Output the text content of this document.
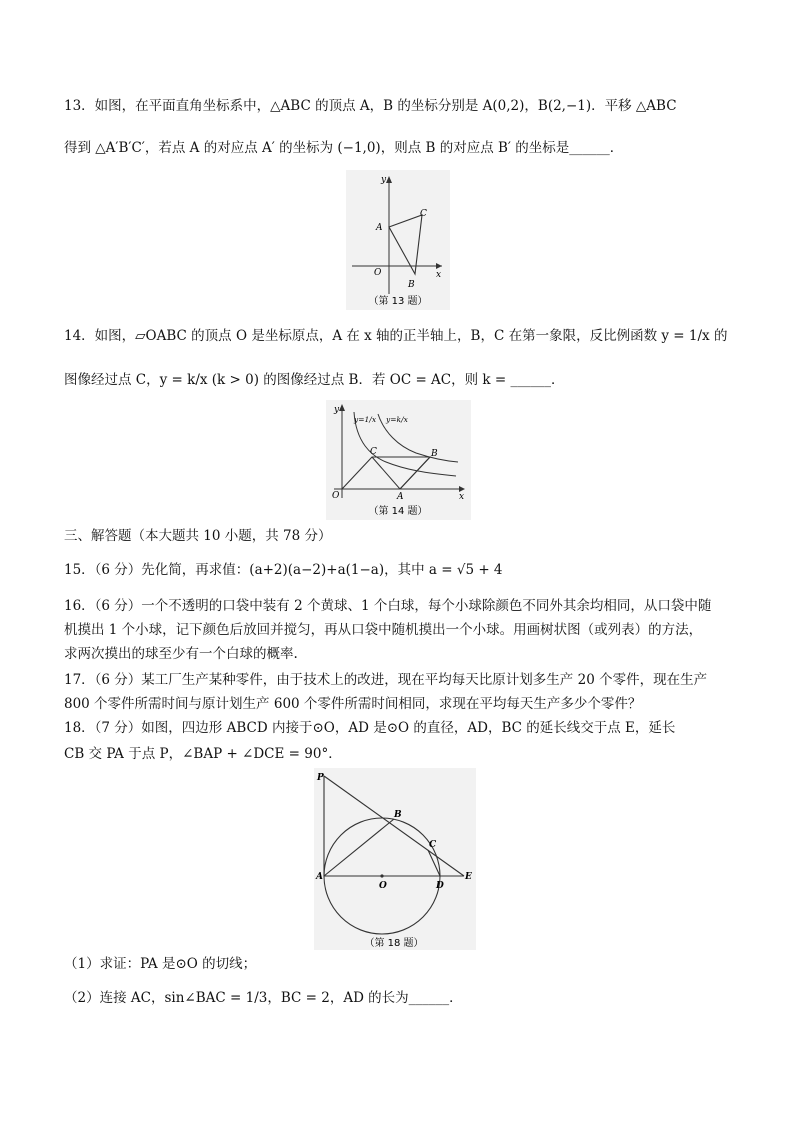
13．如图，在平面直角坐标系中，△ABC 的顶点 A，B 的坐标分别是 A(0,2)，B(2,−1)．平移 △ABC
得到 △A′B′C′，若点 A 的对应点 A′ 的坐标为 (−1,0)，则点 B 的对应点 B′ 的坐标是______．
y
x
A
C
O
B
（第 13 题）
14．如图，▱OABC 的顶点 O 是坐标原点，A 在 x 轴的正半轴上，B，C 在第一象限，反比例函数 y = 1/x 的
图像经过点 C，y = k/x (k > 0) 的图像经过点 B．若 OC = AC，则 k = ______．
y
x
O	A
B
C
y=1/x y=k/x
（第 14 题）
三、解答题（本大题共 10 小题，共 78 分）
15．（6 分）先化简，再求值：(a+2)(a−2)+a(1−a)，其中 a = √5 + 4
16．（6 分）一个不透明的口袋中装有 2 个黄球、1 个白球，每个小球除颜色不同外其余均相同，从口袋中随
机摸出 1 个小球，记下颜色后放回并搅匀，再从口袋中随机摸出一个小球。用画树状图（或列表）的方法，
求两次摸出的球至少有一个白球的概率.
17．（6 分）某工厂生产某种零件，由于技术上的改进，现在平均每天比原计划多生产 20 个零件，现在生产
800 个零件所需时间与原计划生产 600 个零件所需时间相同，求现在平均每天生产多少个零件？
18．（7 分）如图，四边形 ABCD 内接于⊙O，AD 是⊙O 的直径，AD，BC 的延长线交于点 E，延长
CB 交 PA 于点 P，∠BAP + ∠DCE = 90°．
P
B
C
A
O	D
E
（第 18 题）
（1）求证：PA 是⊙O 的切线；
（2）连接 AC，sin∠BAC = 1/3，BC = 2，AD 的长为______．
